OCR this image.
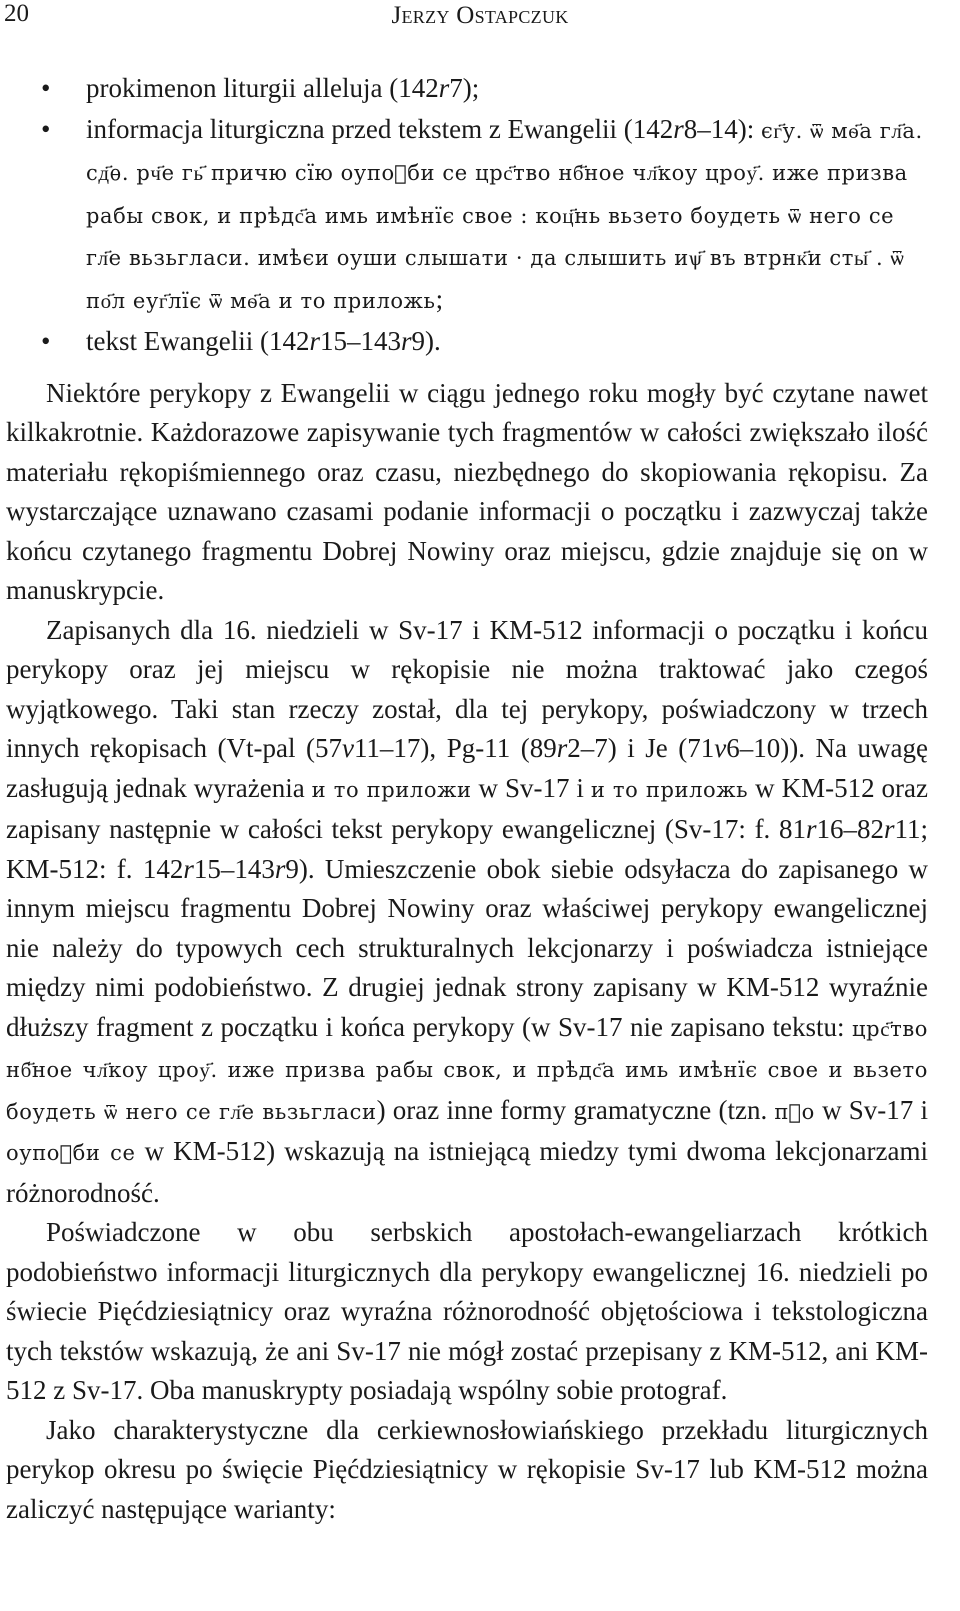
20	Jerzy Ostapczuk
• prokimenon liturgii alleluja (142r7);
• informacja liturgiczna przed tekstem z Ewangelii (142r8–14): єг҃у. ѿ мѳ҃а гл҃а. сд҃ѳ. рч҃е гь҃ причю сїю оупоᷞби се црс҃тво нб҃ное чл҃коу цроу҃. иже призва рабы свок, и прѣдс҃а имь имѣнїє свое : коц҃нь вьзето боудеть ѿ него се гл҃е вьзьгласи. имѣєи оуши слышати · да слышить иѱ҃ въ втрнк҃и сты҃ . ѿ по҃л еуг҃лїє ѿ мѳ҃а и то приложь;
• tekst Ewangelii (142r15–143r9).

Niektóre perykopy z Ewangelii w ciągu jednego roku mogły być czytane nawet kilkakrotnie. Każdorazowe zapisywanie tych fragmentów w całości zwiększało ilość materiału rękopiśmiennego oraz czasu, niezbędnego do skopiowania rękopisu. Za wystarczające uznawano czasami podanie informacji o początku i zazwyczaj także końcu czytanego fragmentu Dobrej Nowiny oraz miejscu, gdzie znajduje się on w manuskrypcie.

Zapisanych dla 16. niedzieli w Sv-17 i KM-512 informacji o początku i końcu perykopy oraz jej miejscu w rękopisie nie można traktować jako czegoś wyjątkowego. Taki stan rzeczy został, dla tej perykopy, poświadczony w trzech innych rękopisach (Vt-pal (57v11–17), Pg-11 (89r2–7) i Je (71v6–10)). Na uwagę zasługują jednak wyrażenia и то приложи w Sv-17 i и то приложь w KM-512 oraz zapisany następnie w całości tekst perykopy ewangelicznej (Sv-17: f. 81r16–82r11; KM-512: f. 142r15–143r9). Umieszczenie obok siebie odsyłacza do zapisanego w innym miejscu fragmentu Dobrej Nowiny oraz właściwej perykopy ewangelicznej nie należy do typowych cech strukturalnych lekcjonarzy i poświadcza istniejące między nimi podobieństwo. Z drugiej jednak strony zapisany w KM-512 wyraźnie dłuższy fragment z początku i końca perykopy (w Sv-17 nie zapisano tekstu: црс҃тво нб҃ное чл҃коу цроу҃. иже призва рабы свок, и прѣдс҃а имь имѣнїє свое и вьзето боудеть ѿ него се гл҃е вьзьгласи) oraz inne formy gramatyczne (tzn. пᷝо w Sv-17 i оупоᷝби се w KM-512) wskazują na istniejącą miedzy tymi dwoma lekcjonarzami różnorodność.

Poświadczone w obu serbskich apostołach-ewangeliarzach krótkich podobieństwo informacji liturgicznych dla perykopy ewangelicznej 16. niedzieli po świecie Pięćdziesiątnicy oraz wyraźna różnorodność objętościowa i tekstologiczna tych tekstów wskazują, że ani Sv-17 nie mógł zostać przepisany z KM-512, ani KM-512 z Sv-17. Oba manuskrypty posiadają wspólny sobie protograf.

Jako charakterystyczne dla cerkiewnosłowiańskiego przekładu liturgicznych perykop okresu po święcie Pięćdziesiątnicy w rękopisie Sv-17 lub KM-512 można zaliczyć następujące warianty:
